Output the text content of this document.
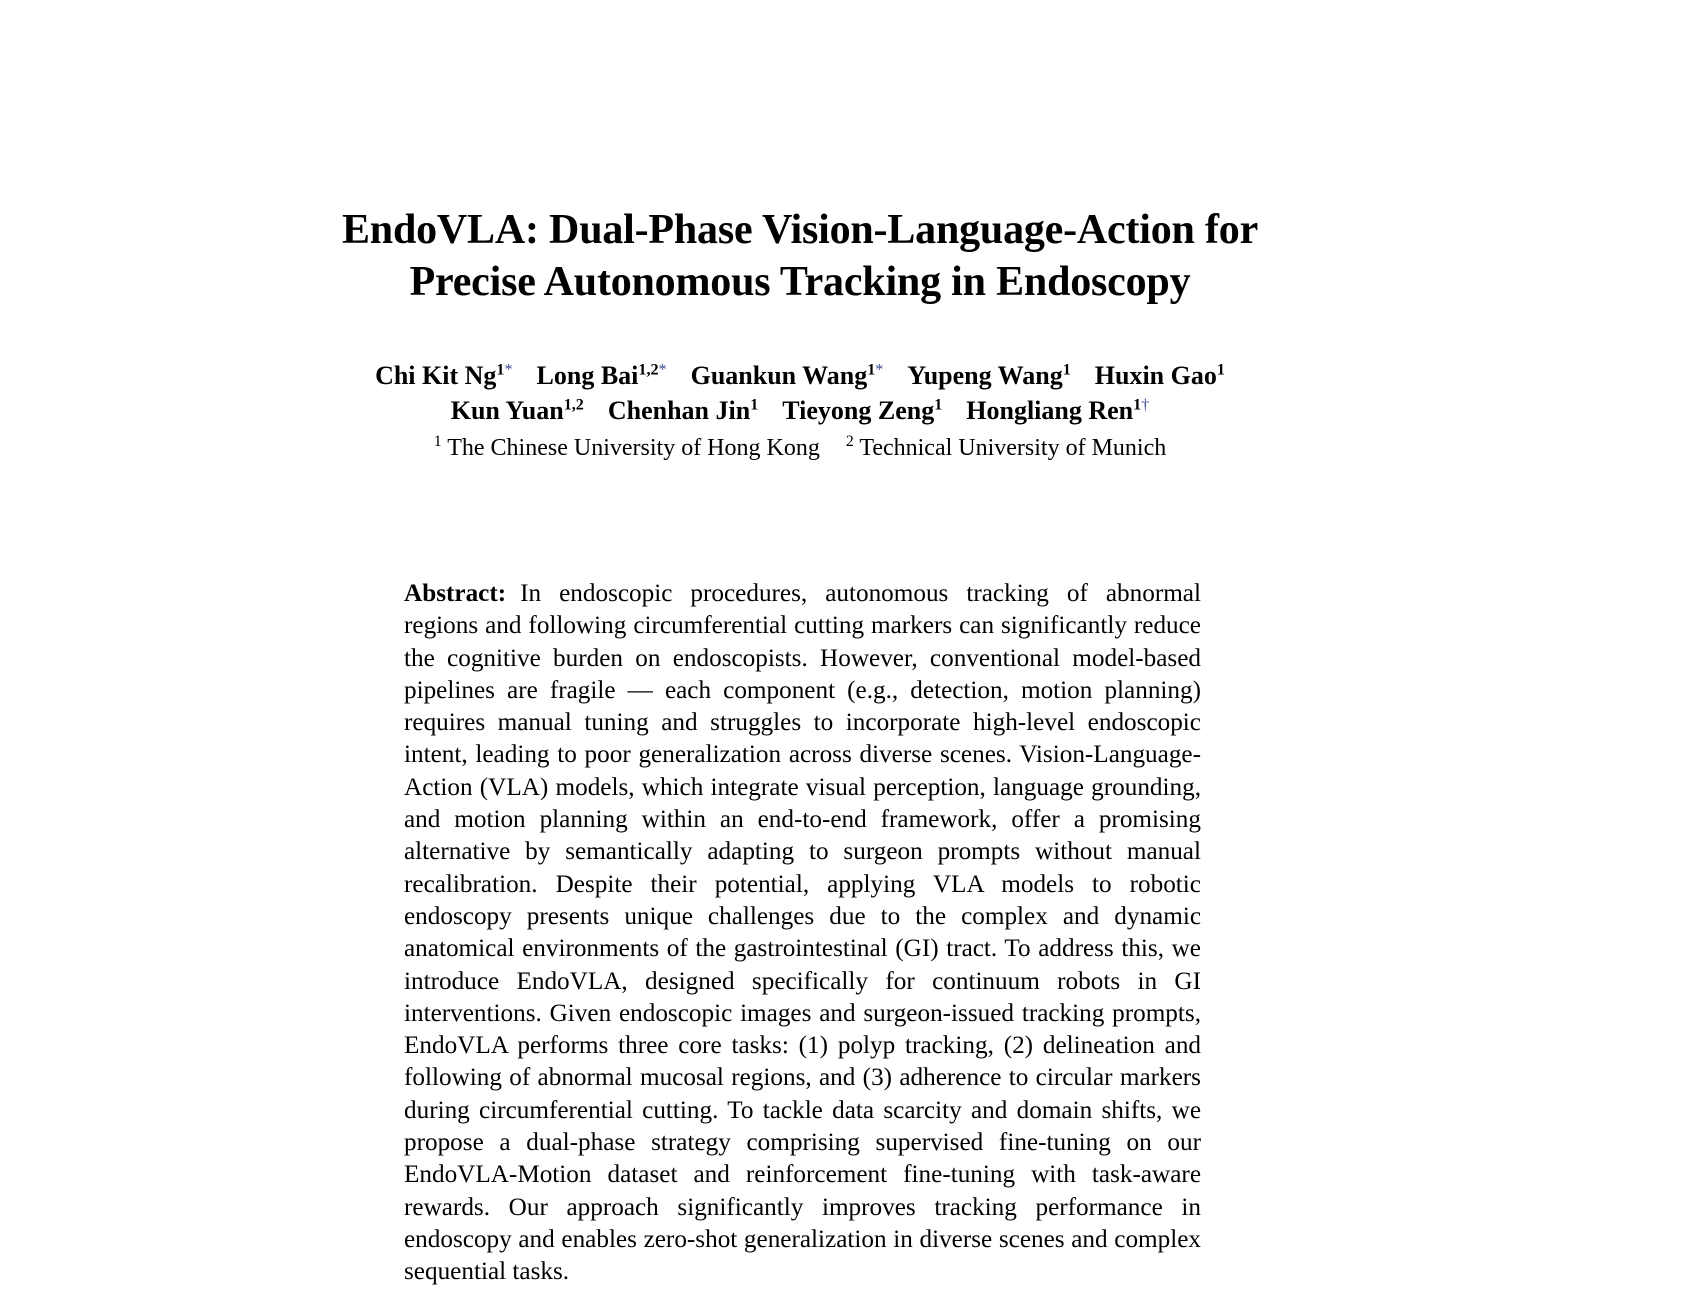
EndoVLA: Dual-Phase Vision-Language-Action for
Precise Autonomous Tracking in Endoscopy
Chi Kit $Ng^{1*}$ Long Bai$^{1,2*}$ Guankun Wang$^{1*}$ Yupeng Wang$^1$ Huxin Gao$^1$
Kun Yuan$^{1,2}$ Chenhan Jin$^1$ Tieyong Zeng$^1$ Hongliang Ren$^{1\dagger}$
$^1$ The Chinese University of Hong Kong $^2$ Technical University of Munich
Abstract: In endoscopic procedures, autonomous tracking of abnormal regions and following circumferential cutting markers can significantly reduce the cognitive burden on endoscopists. However, conventional model-based pipelines are fragile — each component (e.g., detection, motion planning) requires manual tuning and struggles to incorporate high-level endoscopic intent, leading to poor generalization across diverse scenes. Vision-Language-Action (VLA) models, which integrate visual perception, language grounding, and motion planning within an end-to-end framework, offer a promising alternative by semantically adapting to surgeon prompts without manual recalibration. Despite their potential, applying VLA models to robotic endoscopy presents unique challenges due to the complex and dynamic anatomical environments of the gastrointestinal (GI) tract. To address this, we introduce EndoVLA, designed specifically for continuum robots in GI interventions. Given endoscopic images and surgeon-issued tracking prompts, EndoVLA performs three core tasks: (1) polyp tracking, (2) delineation and following of abnormal mucosal regions, and (3) adherence to circular markers during circumferential cutting. To tackle data scarcity and domain shifts, we propose a dual-phase strategy comprising supervised fine-tuning on our EndoVLA-Motion dataset and reinforcement fine-tuning with task-aware rewards. Our approach significantly improves tracking performance in endoscopy and enables zero-shot generalization in diverse scenes and complex sequential tasks.
